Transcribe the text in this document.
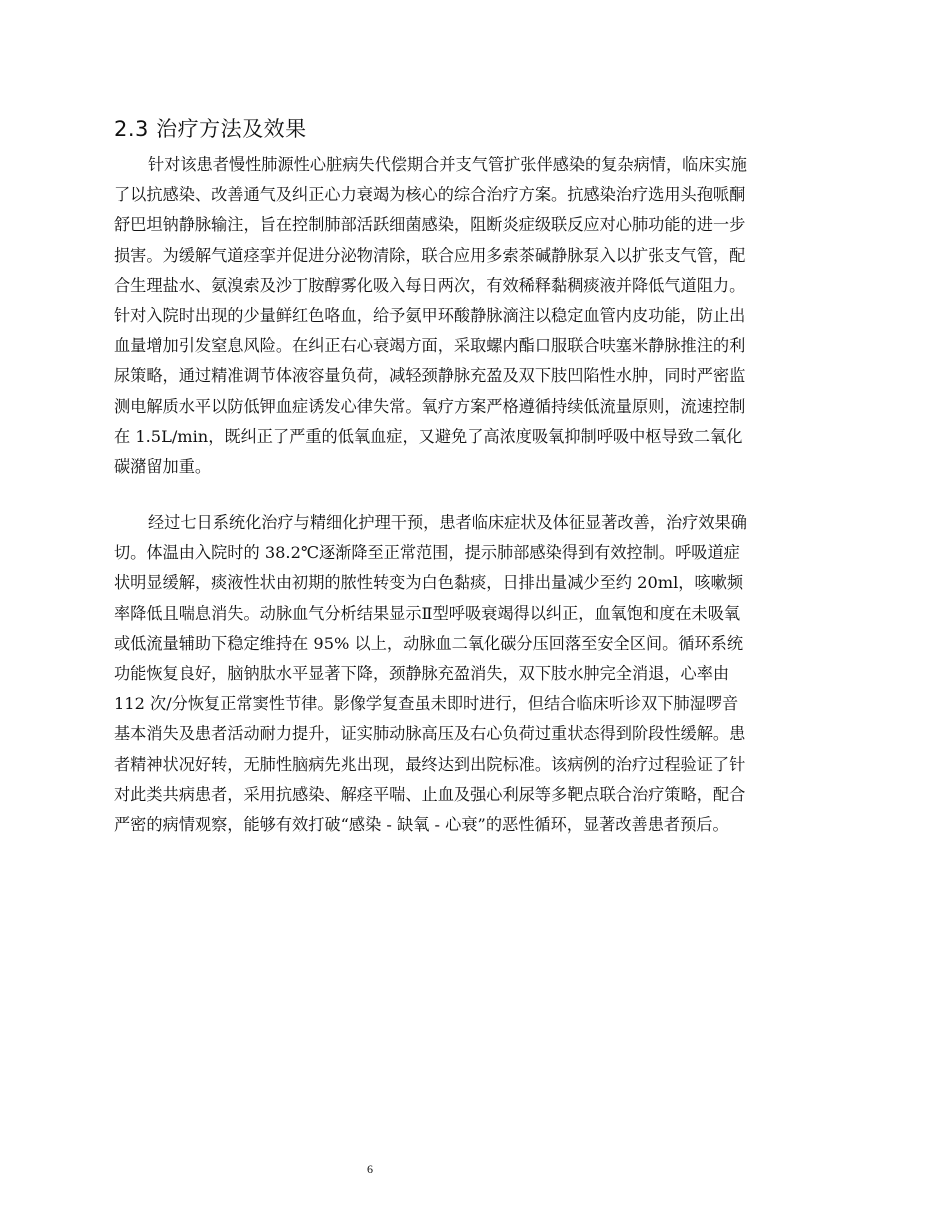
2.3 治疗方法及效果
针对该患者慢性肺源性心脏病失代偿期合并支气管扩张伴感染的复杂病情，临床实施
了以抗感染、改善通气及纠正心力衰竭为核心的综合治疗方案。抗感染治疗选用头孢哌酮
舒巴坦钠静脉输注，旨在控制肺部活跃细菌感染，阻断炎症级联反应对心肺功能的进一步
损害。为缓解气道痉挛并促进分泌物清除，联合应用多索茶碱静脉泵入以扩张支气管，配
合生理盐水、氨溴索及沙丁胺醇雾化吸入每日两次，有效稀释黏稠痰液并降低气道阻力。
针对入院时出现的少量鲜红色咯血，给予氨甲环酸静脉滴注以稳定血管内皮功能，防止出
血量增加引发窒息风险。在纠正右心衰竭方面，采取螺内酯口服联合呋塞米静脉推注的利
尿策略，通过精准调节体液容量负荷，减轻颈静脉充盈及双下肢凹陷性水肿，同时严密监
测电解质水平以防低钾血症诱发心律失常。氧疗方案严格遵循持续低流量原则，流速控制
在 1.5L/min，既纠正了严重的低氧血症，又避免了高浓度吸氧抑制呼吸中枢导致二氧化
碳潴留加重。
经过七日系统化治疗与精细化护理干预，患者临床症状及体征显著改善，治疗效果确
切。体温由入院时的 38.2℃逐渐降至正常范围，提示肺部感染得到有效控制。呼吸道症
状明显缓解，痰液性状由初期的脓性转变为白色黏痰，日排出量减少至约 20ml，咳嗽频
率降低且喘息消失。动脉血气分析结果显示Ⅱ型呼吸衰竭得以纠正，血氧饱和度在未吸氧
或低流量辅助下稳定维持在 95% 以上，动脉血二氧化碳分压回落至安全区间。循环系统
功能恢复良好，脑钠肽水平显著下降，颈静脉充盈消失，双下肢水肿完全消退，心率由
112 次/分恢复正常窦性节律。影像学复查虽未即时进行，但结合临床听诊双下肺湿啰音
基本消失及患者活动耐力提升，证实肺动脉高压及右心负荷过重状态得到阶段性缓解。患
者精神状况好转，无肺性脑病先兆出现，最终达到出院标准。该病例的治疗过程验证了针
对此类共病患者，采用抗感染、解痉平喘、止血及强心利尿等多靶点联合治疗策略，配合
严密的病情观察，能够有效打破“感染 - 缺氧 - 心衰”的恶性循环，显著改善患者预后。
6
